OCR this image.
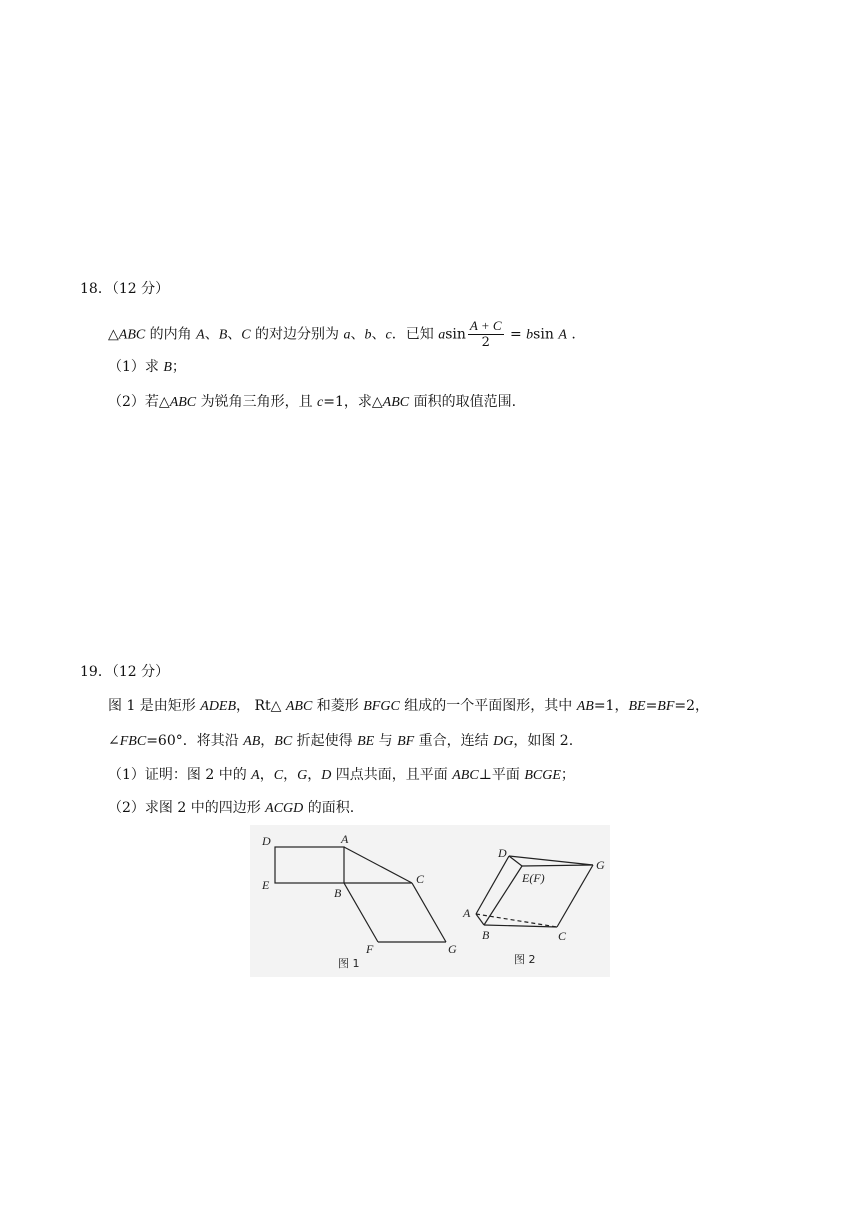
18．（12 分）
△ABC 的内角 A、B、C 的对边分别为 a、b、c．已知 asin $\frac{A + C}{2} = bsin$ A .
（1）求 B；
（2）若△ABC 为锐角三角形，且 c=1，求△ABC 面积的取值范围.
19．（12 分）
图 1 是由矩形 ADEB， Rt△ ABC 和菱形 BFGC 组成的一个平面图形，其中 AB=1，BE=BF=2，
∠FBC=60°．将其沿 AB，BC 折起使得 BE 与 BF 重合，连结 DG，如图 2.
（1）证明：图 2 中的 A，C，G，D 四点共面，且平面 ABC⊥平面 BCGE；
（2）求图 2 中的四边形 ACGD 的面积.
D	A
E
B
C
F	G
图 1
D
G
E(F)
A
B	C
图 2
